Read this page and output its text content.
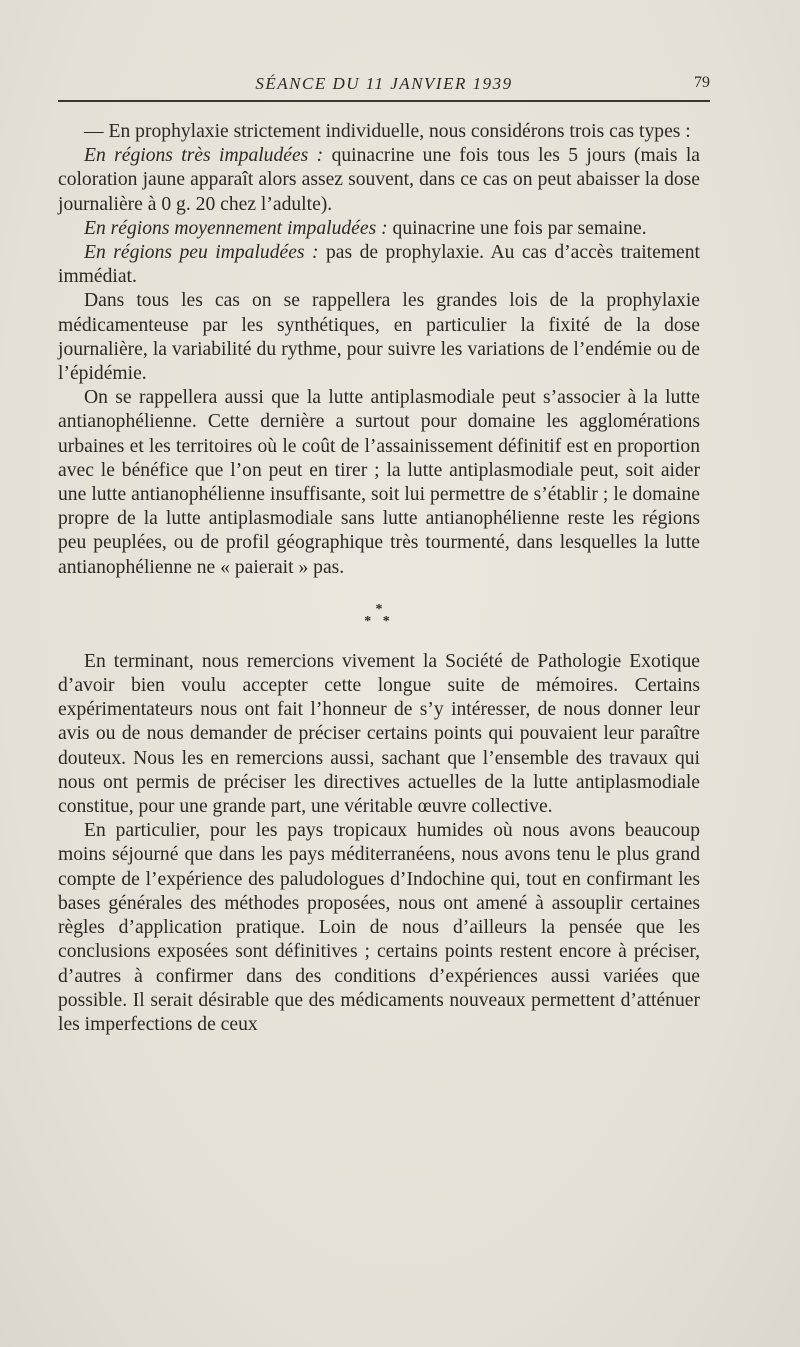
SÉANCE DU 11 JANVIER 1939	79

— En prophylaxie strictement individuelle, nous considérons trois cas types :

En régions très impaludées : quinacrine une fois tous les 5 jours (mais la coloration jaune apparaît alors assez souvent, dans ce cas on peut abaisser la dose journalière à 0 g. 20 chez l’adulte).

En régions moyennement impaludées : quinacrine une fois par semaine.

En régions peu impaludées : pas de prophylaxie. Au cas d’accès traitement immédiat.

Dans tous les cas on se rappellera les grandes lois de la prophylaxie médicamenteuse par les synthétiques, en particulier la fixité de la dose journalière, la variabilité du rythme, pour suivre les variations de l’endémie ou de l’épidémie.

On se rappellera aussi que la lutte antiplasmodiale peut s’associer à la lutte antianophélienne. Cette dernière a surtout pour domaine les agglomérations urbaines et les territoires où le coût de l’assainissement définitif est en proportion avec le bénéfice que l’on peut en tirer ; la lutte antiplasmodiale peut, soit aider une lutte antianophélienne insuffisante, soit lui permettre de s’établir ; le domaine propre de la lutte antiplasmodiale sans lutte antianophélienne reste les régions peu peuplées, ou de profil géographique très tourmenté, dans lesquelles la lutte antianophélienne ne « paierait » pas.

*
* *

En terminant, nous remercions vivement la Société de Pathologie Exotique d’avoir bien voulu accepter cette longue suite de mémoires. Certains expérimentateurs nous ont fait l’honneur de s’y intéresser, de nous donner leur avis ou de nous demander de préciser certains points qui pouvaient leur paraître douteux. Nous les en remercions aussi, sachant que l’ensemble des travaux qui nous ont permis de préciser les directives actuelles de la lutte antiplasmodiale constitue, pour une grande part, une véritable œuvre collective.

En particulier, pour les pays tropicaux humides où nous avons beaucoup moins séjourné que dans les pays méditerranéens, nous avons tenu le plus grand compte de l’expérience des paludologues d’Indochine qui, tout en confirmant les bases générales des méthodes proposées, nous ont amené à assouplir certaines règles d’application pratique. Loin de nous d’ailleurs la pensée que les conclusions exposées sont définitives ; certains points restent encore à préciser, d’autres à confirmer dans des conditions d’expériences aussi variées que possible. Il serait désirable que des médicaments nouveaux permettent d’atténuer les imperfections de ceux
